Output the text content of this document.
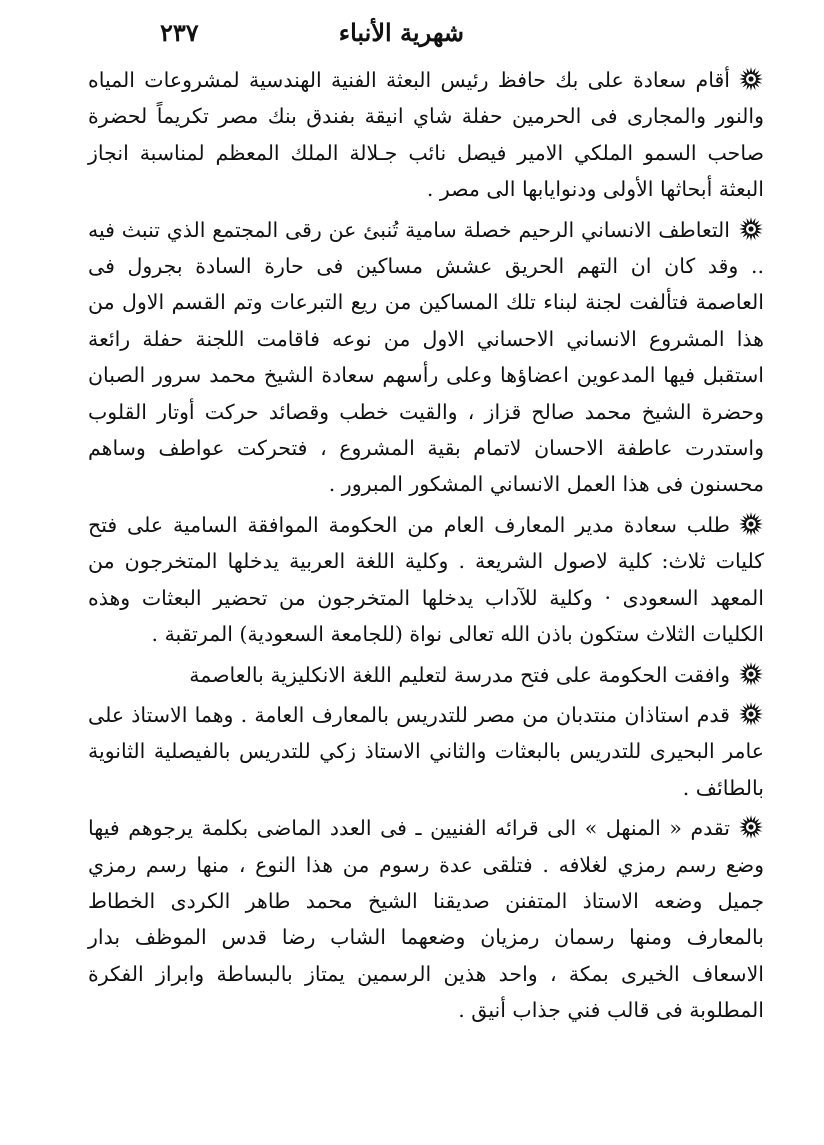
شهرية الأنباء
٢٣٧

أقام سعادة على بك حافظ رئيس البعثة الفنية الهندسية لمشروعات المياه والنور والمجارى فى الحرمين حفلة شاي انيقة بفندق بنك مصر تكريماً لحضرة صاحب السمو الملكي الامير فيصل نائب جـلالة الملك المعظم لمناسبة انجاز البعثة أبحاثها الأولى ودنوايابها الى مصر .

التعاطف الانساني الرحيم خصلة سامية تُنبئ عن رقى المجتمع الذي تنبث فيه .. وقد كان ان التهم الحريق عشش مساكين فى حارة السادة بجرول فى العاصمة فتألفت لجنة لبناء تلك المساكين من ريع التبرعات وتم القسم الاول من هذا المشروع الانساني الاحساني الاول من نوعه فاقامت اللجنة حفلة رائعة استقبل فيها المدعوين اعضاؤها وعلى رأسهم سعادة الشيخ محمد سرور الصبان وحضرة الشيخ محمد صالح قزاز ، والقيت خطب وقصائد حركت أوتار القلوب واستدرت عاطفة الاحسان لاتمام بقية المشروع ، فتحركت عواطف وساهم محسنون فى هذا العمل الانساني المشكور المبرور .

طلب سعادة مدير المعارف العام من الحكومة الموافقة السامية على فتح كليات ثلاث: كلية لاصول الشريعة . وكلية اللغة العربية يدخلها المتخرجون من المعهد السعودى · وكلية للآداب يدخلها المتخرجون من تحضير البعثات وهذه الكليات الثلاث ستكون باذن الله تعالى نواة (للجامعة السعودية) المرتقبة .

وافقت الحكومة على فتح مدرسة لتعليم اللغة الانكليزية بالعاصمة

قدم استاذان منتدبان من مصر للتدريس بالمعارف العامة . وهما الاستاذ على عامر البحيرى للتدريس بالبعثات والثاني الاستاذ زكي للتدريس بالفيصلية الثانوية بالطائف .

تقدم « المنهل » الى قرائه الفنيين ـ فى العدد الماضى بكلمة يرجوهم فيها وضع رسم رمزي لغلافه . فتلقى عدة رسوم من هذا النوع ، منها رسم رمزي جميل وضعه الاستاذ المتفنن صديقنا الشيخ محمد طاهر الكردى الخطاط بالمعارف ومنها رسمان رمزيان وضعهما الشاب رضا قدس الموظف بدار الاسعاف الخيرى بمكة ، واحد هذين الرسمين يمتاز بالبساطة وابراز الفكرة المطلوبة فى قالب فني جذاب أنيق .
